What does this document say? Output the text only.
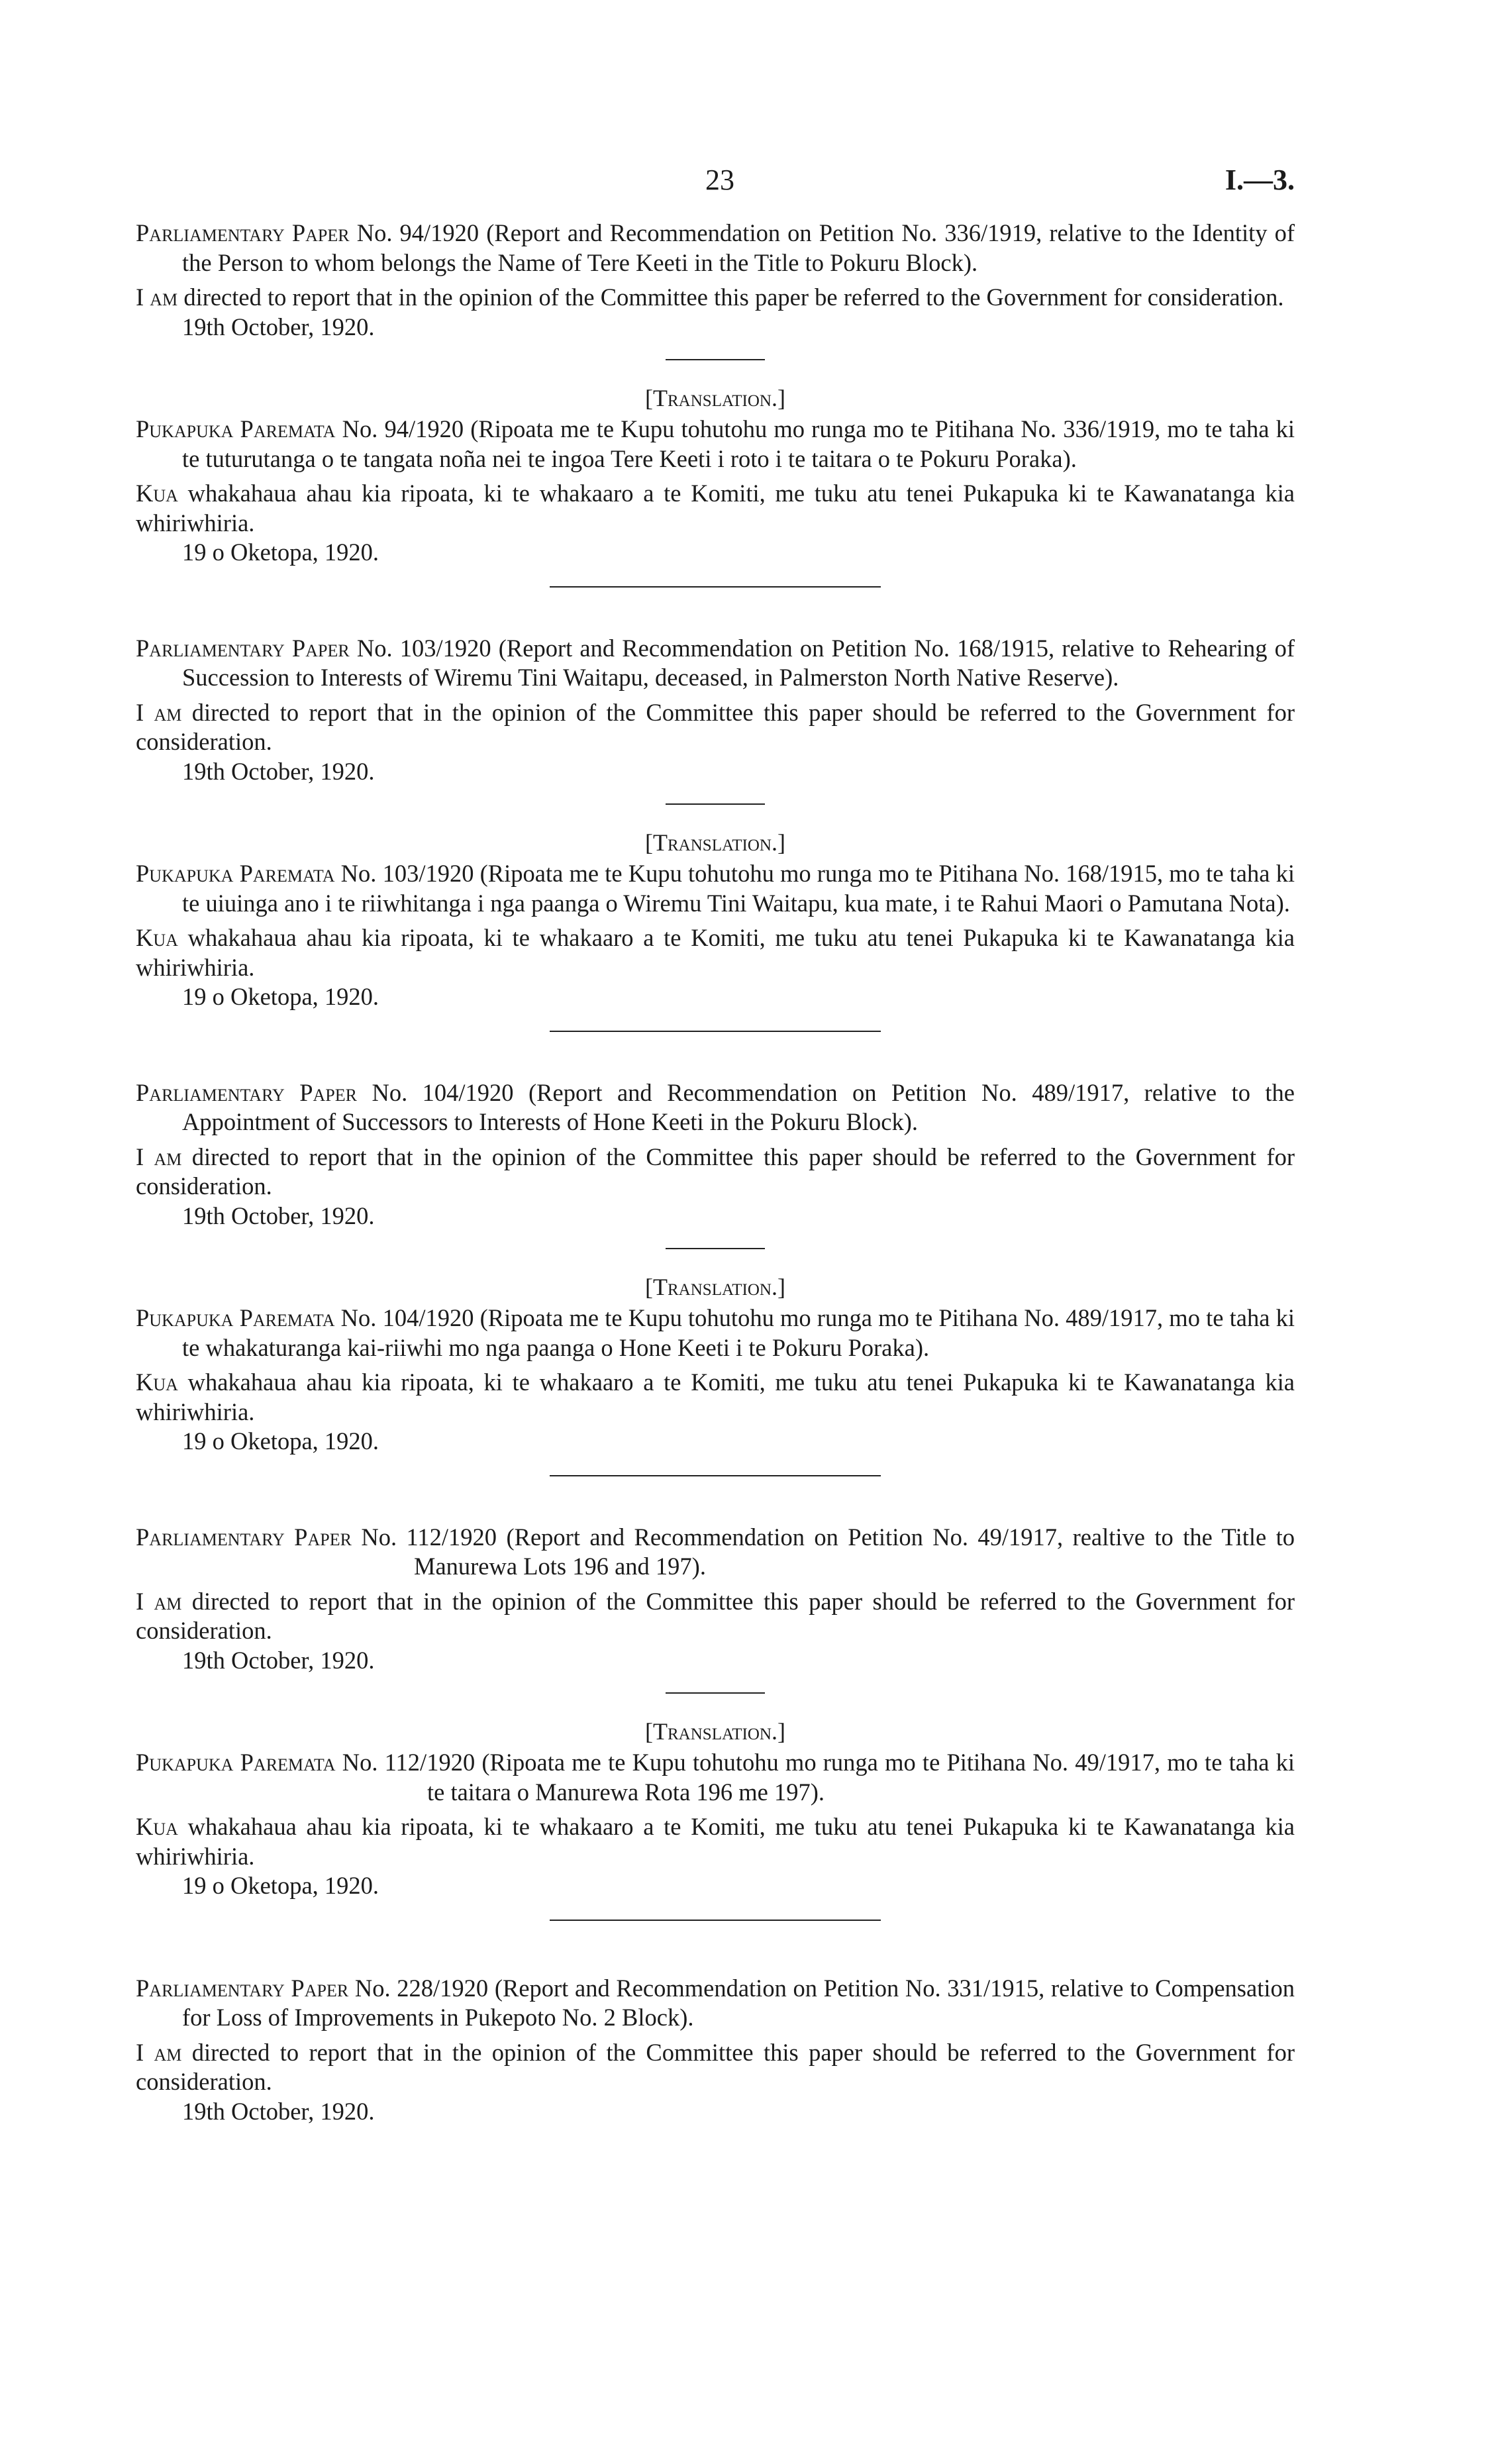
23	I.—3.

Parliamentary Paper No. 94/1920 (Report and Recommendation on Petition No. 336/1919, relative to the Identity of the Person to whom belongs the Name of Tere Keeti in the Title to Pokuru Block).

I am directed to report that in the opinion of the Committee this paper be referred to the Government for consideration.

19th October, 1920.

[Translation.]

Pukapuka Paremata No. 94/1920 (Ripoata me te Kupu tohutohu mo runga mo te Pitihana No. 336/1919, mo te taha ki te tuturutanga o te tangata noña nei te ingoa Tere Keeti i roto i te taitara o te Pokuru Poraka).

Kua whakahaua ahau kia ripoata, ki te whakaaro a te Komiti, me tuku atu tenei Pukapuka ki te Kawanatanga kia whiriwhiria.

19 o Oketopa, 1920.

Parliamentary Paper No. 103/1920 (Report and Recommendation on Petition No. 168/1915, relative to Rehearing of Succession to Interests of Wiremu Tini Waitapu, deceased, in Palmerston North Native Reserve).

I am directed to report that in the opinion of the Committee this paper should be referred to the Government for consideration.

19th October, 1920.

[Translation.]

Pukapuka Paremata No. 103/1920 (Ripoata me te Kupu tohutohu mo runga mo te Pitihana No. 168/1915, mo te taha ki te uiuinga ano i te riiwhitanga i nga paanga o Wiremu Tini Waitapu, kua mate, i te Rahui Maori o Pamutana Nota).

Kua whakahaua ahau kia ripoata, ki te whakaaro a te Komiti, me tuku atu tenei Pukapuka ki te Kawanatanga kia whiriwhiria.

19 o Oketopa, 1920.

Parliamentary Paper No. 104/1920 (Report and Recommendation on Petition No. 489/1917, relative to the Appointment of Successors to Interests of Hone Keeti in the Pokuru Block).

I am directed to report that in the opinion of the Committee this paper should be referred to the Government for consideration.

19th October, 1920.

[Translation.]

Pukapuka Paremata No. 104/1920 (Ripoata me te Kupu tohutohu mo runga mo te Pitihana No. 489/1917, mo te taha ki te whakaturanga kai-riiwhi mo nga paanga o Hone Keeti i te Pokuru Poraka).

Kua whakahaua ahau kia ripoata, ki te whakaaro a te Komiti, me tuku atu tenei Pukapuka ki te Kawanatanga kia whiriwhiria.

19 o Oketopa, 1920.

Parliamentary Paper No. 112/1920 (Report and Recommendation on Petition No. 49/1917, realtive to the Title to Manurewa Lots 196 and 197).

I am directed to report that in the opinion of the Committee this paper should be referred to the Government for consideration.

19th October, 1920.

[Translation.]

Pukapuka Paremata No. 112/1920 (Ripoata me te Kupu tohutohu mo runga mo te Pitihana No. 49/1917, mo te taha ki te taitara o Manurewa Rota 196 me 197).

Kua whakahaua ahau kia ripoata, ki te whakaaro a te Komiti, me tuku atu tenei Pukapuka ki te Kawanatanga kia whiriwhiria.

19 o Oketopa, 1920.

Parliamentary Paper No. 228/1920 (Report and Recommendation on Petition No. 331/1915, relative to Compensation for Loss of Improvements in Pukepoto No. 2 Block).

I am directed to report that in the opinion of the Committee this paper should be referred to the Government for consideration.

19th October, 1920.
